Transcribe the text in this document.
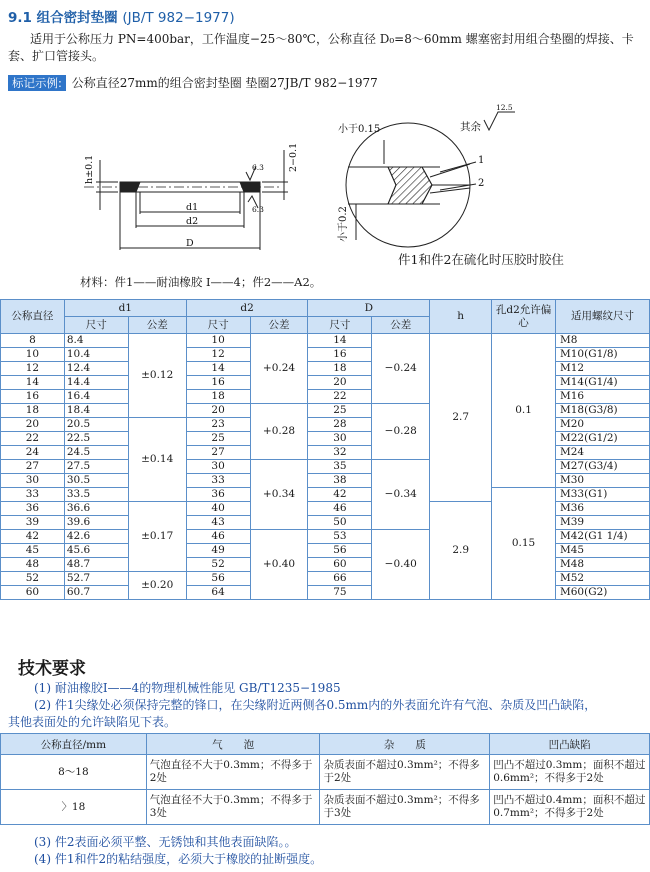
9.1 组合密封垫圈 (JB/T 982−1977)
适用于公称压力 PN=400bar，工作温度−25～80℃，公称直径 D₀=8～60mm 螺塞密封用组合垫圈的焊接、卡套、扩口管接头。
标记示例: 公称直径27mm的组合密封垫圈 垫圈27JB/T 982−1977
h±0.1	2−0.1
d1
d2
D
6.3
6.3
小于0.15
小于0.2
其余
12.5
1
2
材料：件1——耐油橡胶 I——4；件2——A2。
件1和件2在硫化时压胶时胶住
公称直径	d1		d2		D		h	孔d2允许偏心	适用螺纹尺寸
	尺寸	公差	尺寸	公差	尺寸	公差			
8	8.4	±0.12	10	+0.24	14	−0.24	2.7	0.1	M8
10	10.4		12		16				M10(G1/8)
12	12.4		14		18				M12
14	14.4		16		20				M14(G1/4)
16	16.4		18		22				M16
18	18.4		20	+0.28	25	−0.28			M18(G3/8)
20	20.5	±0.14	23		28				M20
22	22.5		25		30				M22(G1/2)
24	24.5		27		32				M24
27	27.5		30	+0.34	35	−0.34			M27(G3/4)
30	30.5		33		38				M30
33	33.5		36		42			0.15	M33(G1)
36	36.6	±0.17	40		46		2.9		M36
39	39.6		43		50				M39
42	42.6		46	+0.40	53	−0.40			M42(G1 1/4)
45	45.6		49		56				M45
48	48.7		52		60				M48
52	52.7	±0.20	56		66				M52
60	60.7		64		75				M60(G2)
技术要求
(1) 耐油橡胶I——4的物理机械性能见 GB/T1235−1985
(2) 件1尖缘处必须保持完整的锋口，在尖缘附近两侧各0.5mm内的外表面允许有气泡、杂质及凹凸缺陷，
其他表面处的允许缺陷见下表。
公称直径/mm	气　　泡	杂　　质	凹凸缺陷
8～18	气泡直径不大于0.3mm；不得多于2处	杂质表面不超过0.3mm²；不得多于2处	凹凸不超过0.3mm；面积不超过0.6mm²；不得多于2处
〉18	气泡直径不大于0.3mm；不得多于3处	杂质表面不超过0.3mm²；不得多于3处	凹凸不超过0.4mm；面积不超过0.7mm²；不得多于2处
(3) 件2表面必须平整、无锈蚀和其他表面缺陷。。
(4) 件1和件2的粘结强度，必须大于橡胶的扯断强度。
